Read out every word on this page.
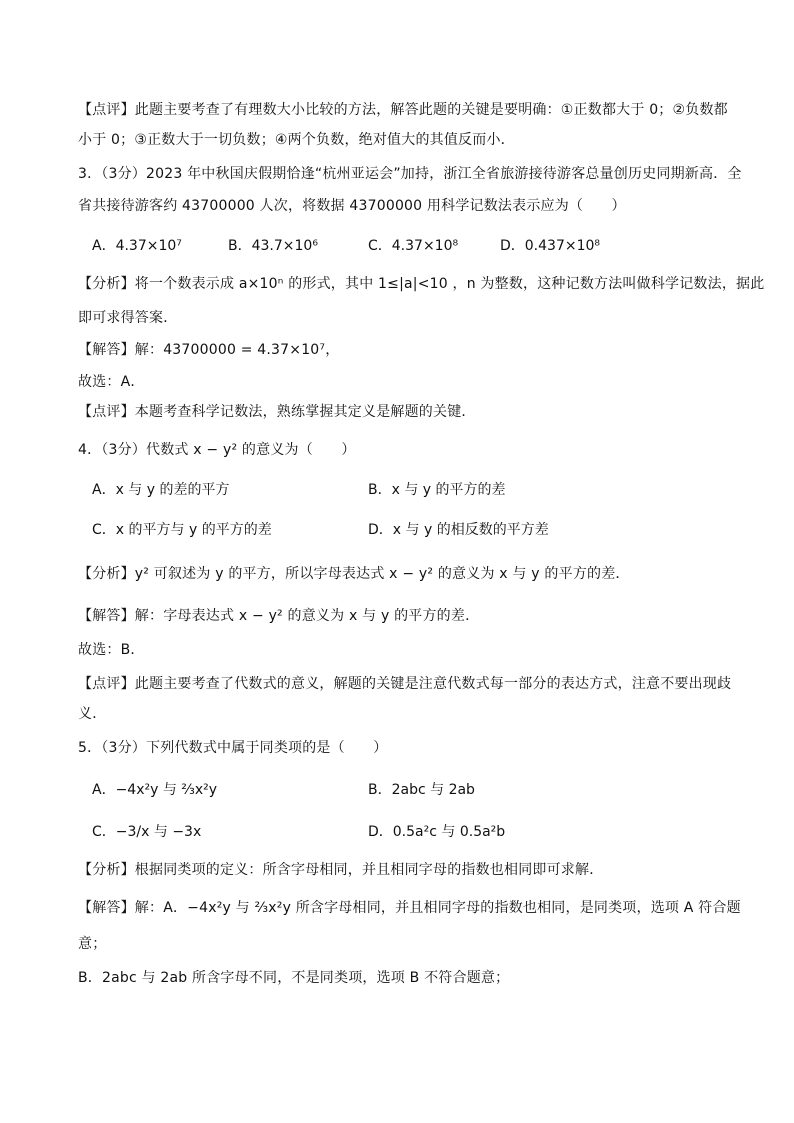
【点评】此题主要考查了有理数大小比较的方法，解答此题的关键是要明确：①正数都大于 0；②负数都
小于 0；③正数大于一切负数；④两个负数，绝对值大的其值反而小．
3．（3分）2023 年中秋国庆假期恰逢“杭州亚运会”加持，浙江全省旅游接待游客总量创历史同期新高．全
省共接待游客约 43700000 人次，将数据 43700000 用科学记数法表示应为（　　）
A．4.37×10⁷	B．43.7×10⁶	C．4.37×10⁸	D．0.437×10⁸
【分析】将一个数表示成 a×10ⁿ 的形式，其中 1≤|a|<10 ，n 为整数，这种记数方法叫做科学记数法，据此
即可求得答案．
【解答】解：43700000 = 4.37×10⁷，
故选：A．
【点评】本题考查科学记数法，熟练掌握其定义是解题的关键．
4．（3分）代数式 x − y² 的意义为（　　）
A．x 与 y 的差的平方	B．x 与 y 的平方的差
C．x 的平方与 y 的平方的差	D．x 与 y 的相反数的平方差
【分析】y² 可叙述为 y 的平方，所以字母表达式 x − y² 的意义为 x 与 y 的平方的差．
【解答】解：字母表达式 x − y² 的意义为 x 与 y 的平方的差．
故选：B．
【点评】此题主要考查了代数式的意义，解题的关键是注意代数式每一部分的表达方式，注意不要出现歧
义．
5．（3分）下列代数式中属于同类项的是（　　）
A．−4x²y 与 ⅔x²y	B．2abc 与 2ab
C．−3/x 与 −3x	D．0.5a²c 与 0.5a²b
【分析】根据同类项的定义：所含字母相同，并且相同字母的指数也相同即可求解．
【解答】解：A．−4x²y 与 ⅔x²y 所含字母相同，并且相同字母的指数也相同，是同类项，选项 A 符合题
意；
B．2abc 与 2ab 所含字母不同，不是同类项，选项 B 不符合题意；
